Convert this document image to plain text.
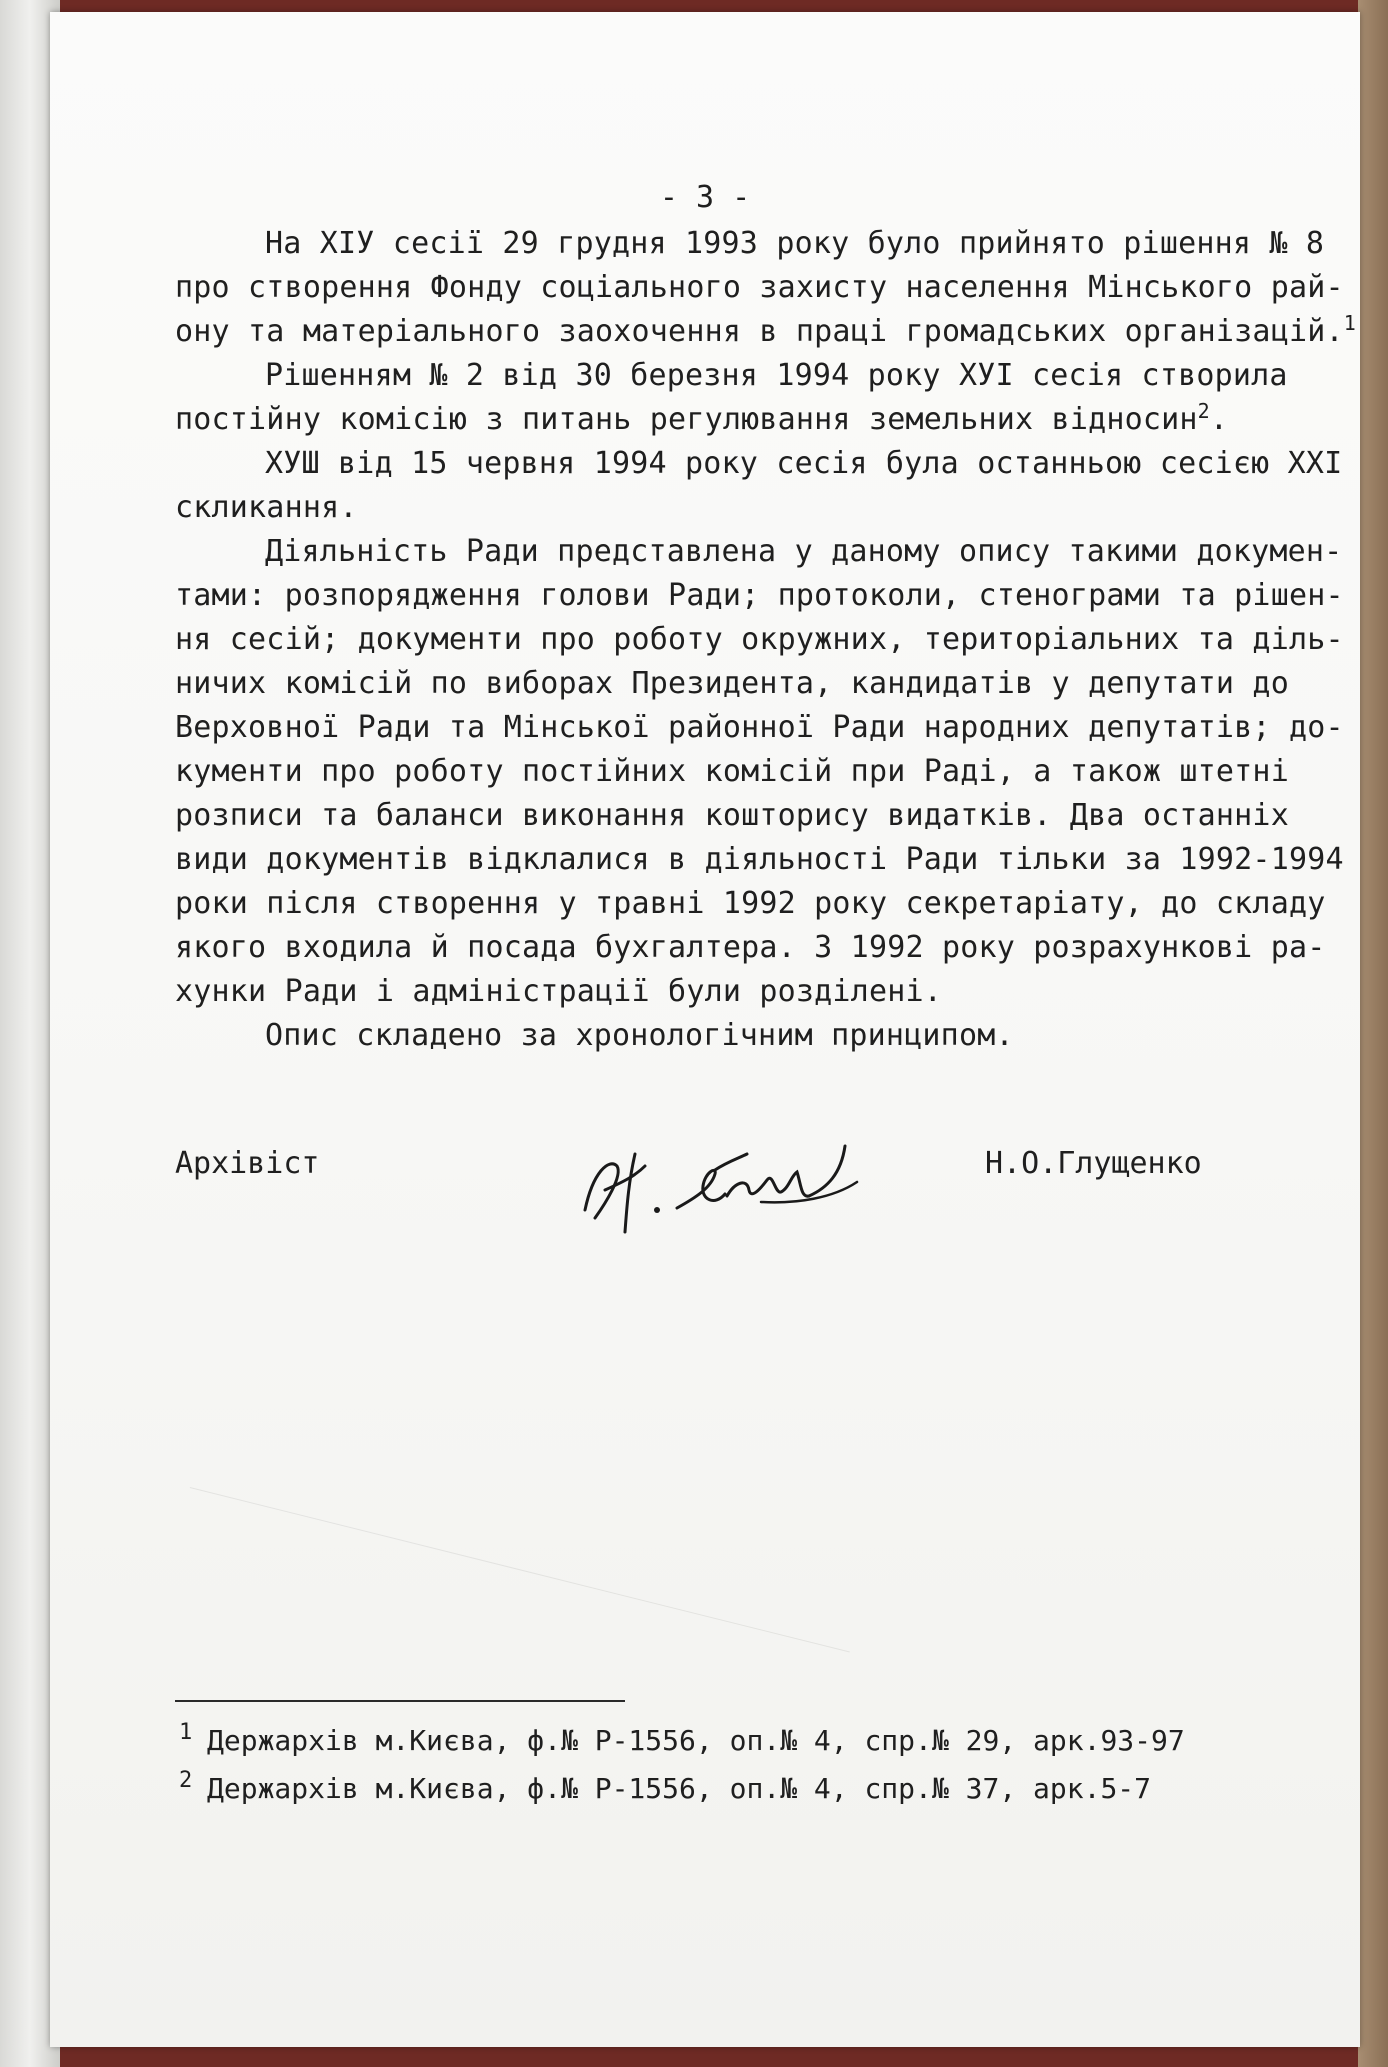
- 3 -
На ХІУ сесії 29 грудня 1993 року було прийнято рішення № 8
про створення Фонду соціального захисту населення Мінського рай-
ону та матеріального заохочення в праці громадських організацій.$^1$
Рішенням № 2 від 30 березня 1994 року ХУІ сесія створила
постійну комісію з питань регулювання земельних відносин$^2$.
ХУШ від 15 червня 1994 року сесія була останньою сесією ХХІ
скликання.
Діяльність Ради представлена у даному опису такими докумен-
тами: розпорядження голови Ради; протоколи, стенограми та рішен-
ня сесій; документи про роботу окружних, територіальних та діль-
ничих комісій по виборах Президента, кандидатів у депутати до
Верховної Ради та Мінської районної Ради народних депутатів; до-
кументи про роботу постійних комісій при Раді, а також штетні
розписи та баланси виконання кошторису видатків. Два останніх
види документів відклалися в діяльності Ради тільки за 1992-1994
роки після створення у травні 1992 року секретаріату, до складу
якого входила й посада бухгалтера. З 1992 року розрахункові ра-
хунки Ради і адміністрації були розділені.
Опис складено за хронологічним принципом.
Архівіст	Н.О.Глущенко
1 Держархів м.Києва, ф.№ Р-1556, оп.№ 4, спр.№ 29, арк.93-97
2 Держархів м.Києва, ф.№ Р-1556, оп.№ 4, спр.№ 37, арк.5-7
